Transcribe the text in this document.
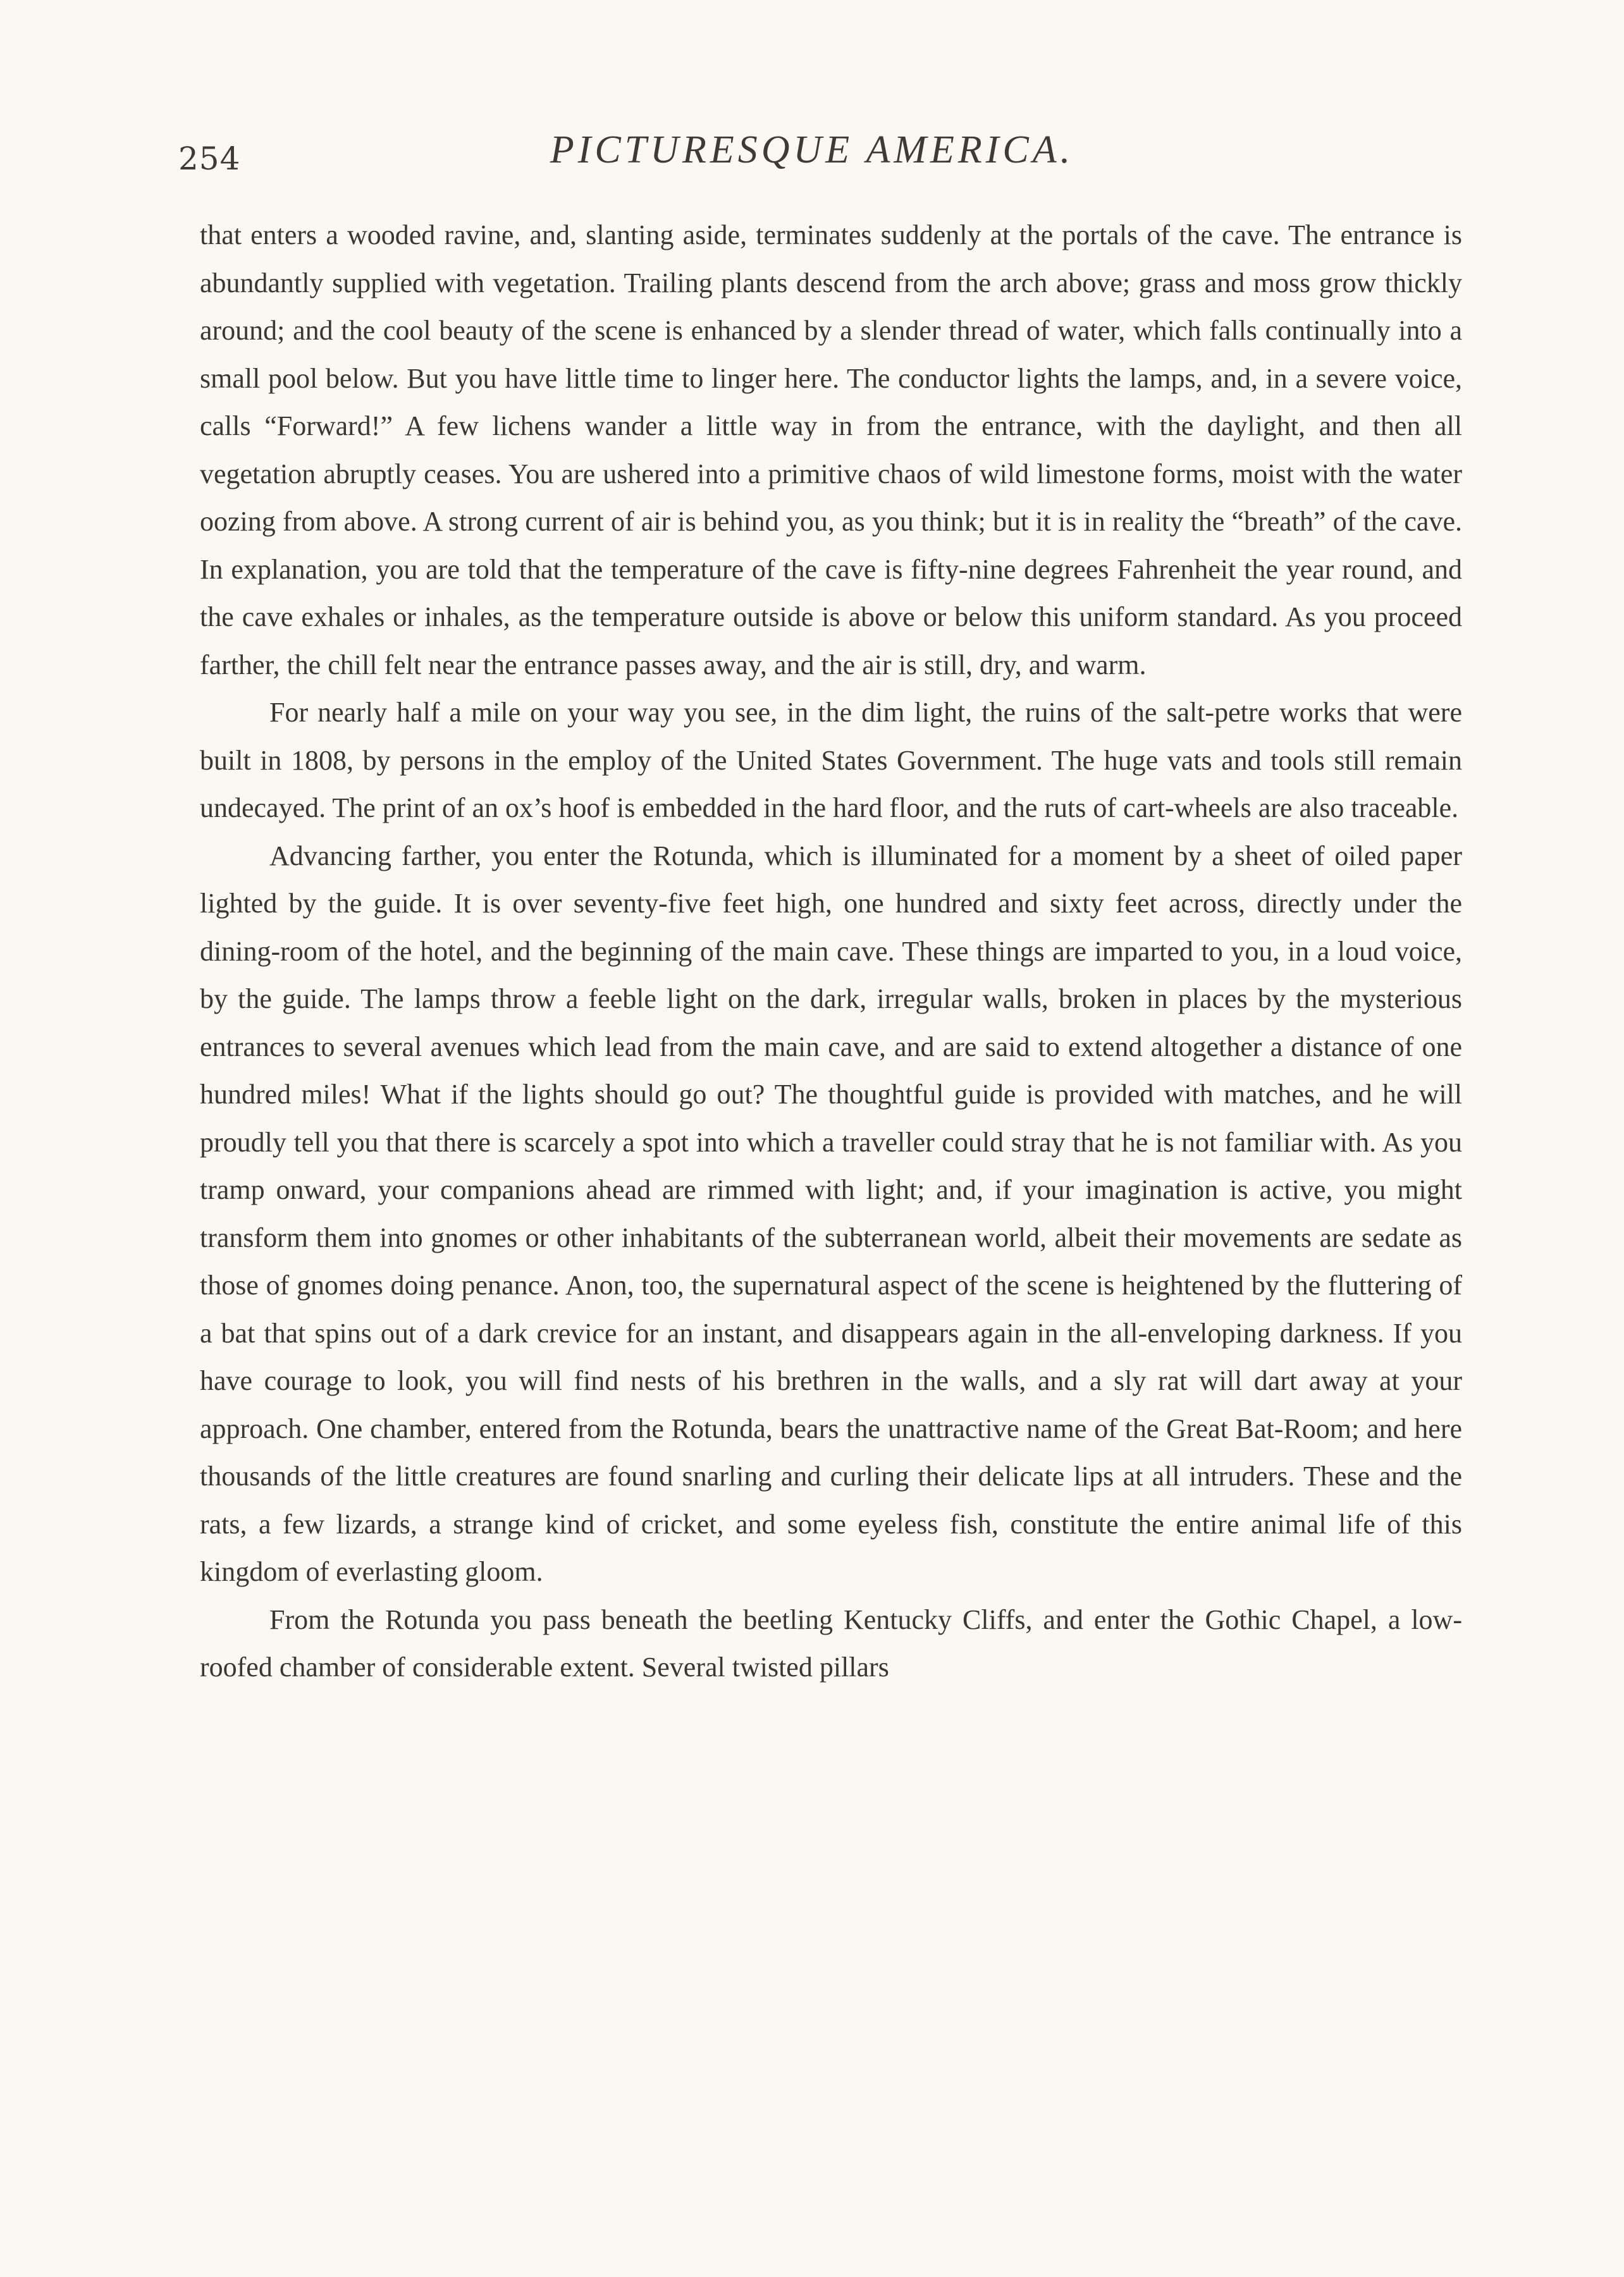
254	PICTURESQUE AMERICA.

that enters a wooded ravine, and, slanting aside, terminates suddenly at the portals of the cave. The entrance is abundantly supplied with vegetation. Trailing plants descend from the arch above; grass and moss grow thickly around; and the cool beauty of the scene is enhanced by a slender thread of water, which falls continually into a small pool below. But you have little time to linger here. The conductor lights the lamps, and, in a severe voice, calls “Forward!” A few lichens wander a little way in from the entrance, with the daylight, and then all vegetation abruptly ceases. You are ushered into a primitive chaos of wild limestone forms, moist with the water oozing from above. A strong current of air is behind you, as you think; but it is in reality the “breath” of the cave. In explanation, you are told that the temperature of the cave is fifty-nine degrees Fahrenheit the year round, and the cave exhales or inhales, as the temperature outside is above or below this uniform standard. As you proceed farther, the chill felt near the entrance passes away, and the air is still, dry, and warm.

For nearly half a mile on your way you see, in the dim light, the ruins of the salt-petre works that were built in 1808, by persons in the employ of the United States Government. The huge vats and tools still remain undecayed. The print of an ox’s hoof is embedded in the hard floor, and the ruts of cart-wheels are also traceable.

Advancing farther, you enter the Rotunda, which is illuminated for a moment by a sheet of oiled paper lighted by the guide. It is over seventy-five feet high, one hundred and sixty feet across, directly under the dining-room of the hotel, and the beginning of the main cave. These things are imparted to you, in a loud voice, by the guide. The lamps throw a feeble light on the dark, irregular walls, broken in places by the mysterious entrances to several avenues which lead from the main cave, and are said to extend altogether a distance of one hundred miles! What if the lights should go out? The thoughtful guide is provided with matches, and he will proudly tell you that there is scarcely a spot into which a traveller could stray that he is not familiar with. As you tramp onward, your companions ahead are rimmed with light; and, if your imagination is active, you might transform them into gnomes or other inhabitants of the subterranean world, albeit their movements are sedate as those of gnomes doing penance. Anon, too, the supernatural aspect of the scene is heightened by the fluttering of a bat that spins out of a dark crevice for an instant, and disappears again in the all-enveloping darkness. If you have courage to look, you will find nests of his brethren in the walls, and a sly rat will dart away at your approach. One chamber, entered from the Rotunda, bears the unattractive name of the Great Bat-Room; and here thousands of the little creatures are found snarling and curling their delicate lips at all intruders. These and the rats, a few lizards, a strange kind of cricket, and some eyeless fish, constitute the entire animal life of this kingdom of everlasting gloom.

From the Rotunda you pass beneath the beetling Kentucky Cliffs, and enter the Gothic Chapel, a low-roofed chamber of considerable extent. Several twisted pillars
